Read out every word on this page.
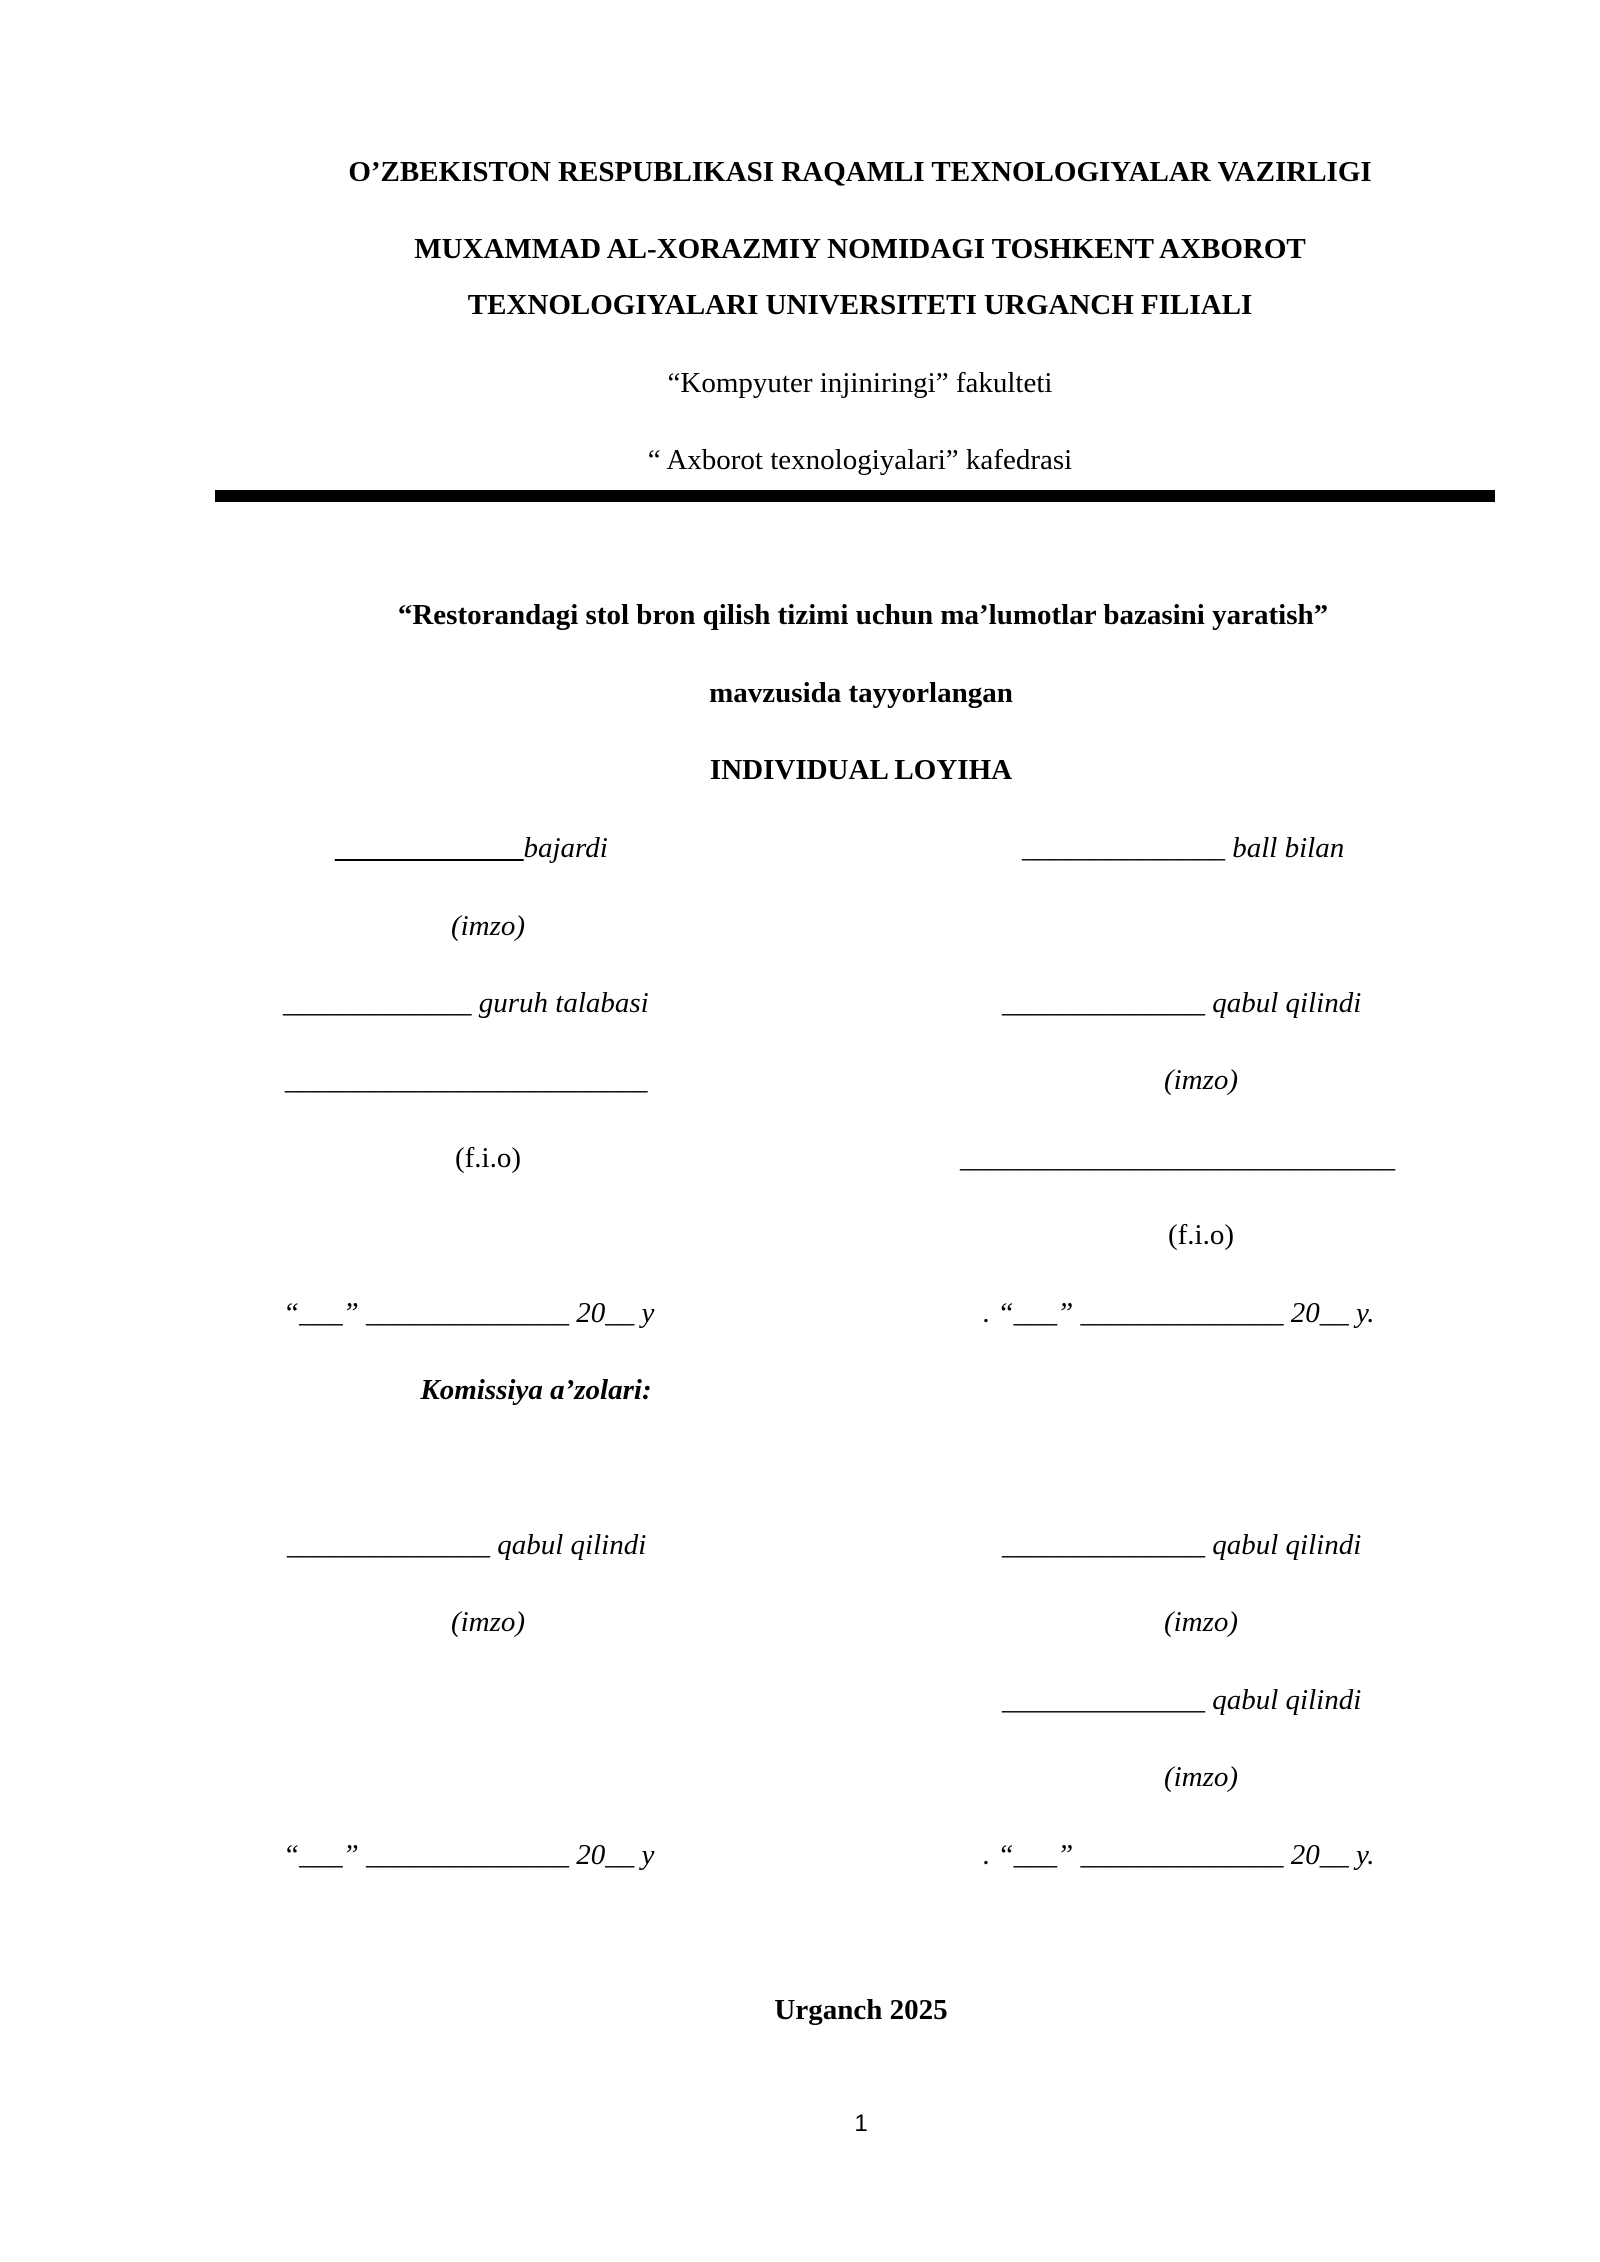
O’ZBEKISTON RESPUBLIKASI RAQAMLI TEXNOLOGIYALAR VAZIRLIGI
MUXAMMAD AL-XORAZMIY NOMIDAGI TOSHKENT AXBOROT
TEXNOLOGIYALARI UNIVERSITETI URGANCH FILIALI
“Kompyuter injiniringi” fakulteti
“ Axborot texnologiyalari” kafedrasi
“Restorandagi stol bron qilish tizimi uchun ma’lumotlar bazasini yaratish”
mavzusida tayyorlangan
INDIVIDUAL LOYIHA
_____________bajardi
(imzo)
_____________ guruh talabasi
_________________________
(f.i.o)
“___” ______________ 20__ y
Komissiya a’zolari:
______________ qabul qilindi
(imzo)
“___” ______________ 20__ y
______________ ball bilan
______________ qabul qilindi
(imzo)
______________________________
(f.i.o)
. “___” ______________ 20__ y.
______________ qabul qilindi
(imzo)
______________ qabul qilindi
(imzo)
. “___” ______________ 20__ y.
Urganch 2025
1
